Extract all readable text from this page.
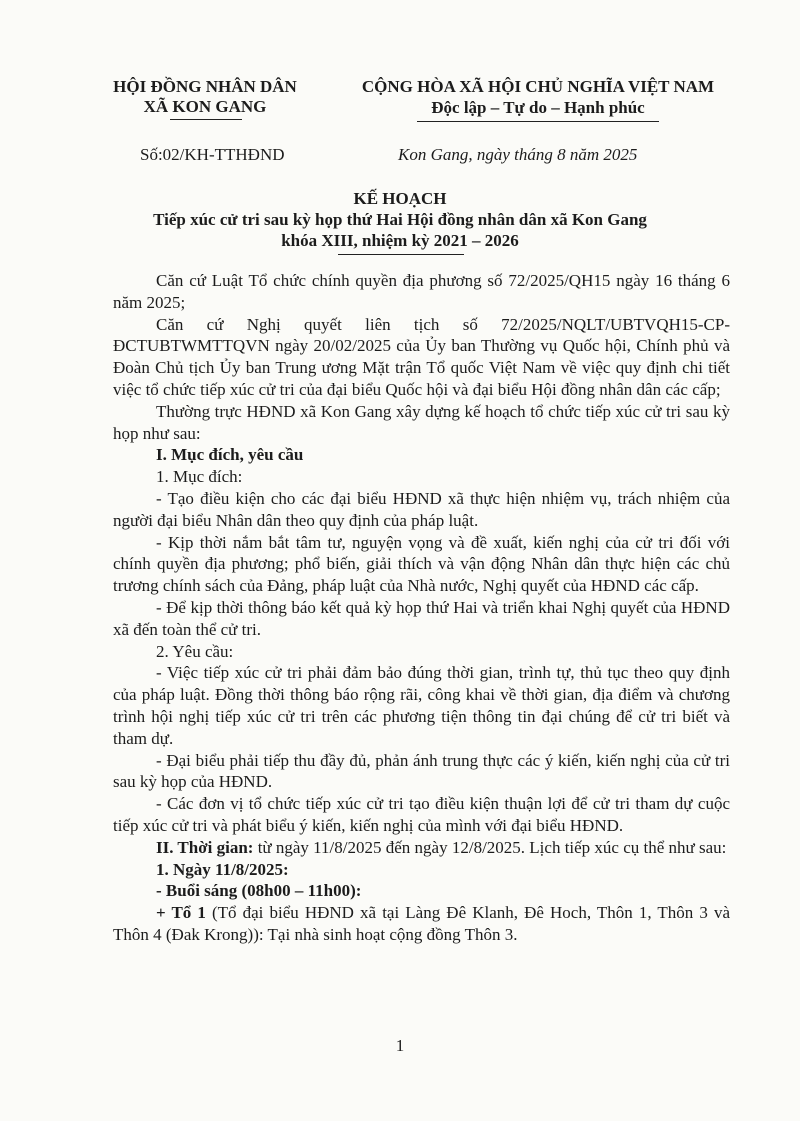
HỘI ĐỒNG NHÂN DÂN
XÃ KON GANG
CỘNG HÒA XÃ HỘI CHỦ NGHĨA VIỆT NAM
Độc lập – Tự do – Hạnh phúc
Số:02/KH-TTHĐND	Kon Gang, ngày tháng 8 năm 2025
KẾ HOẠCH
Tiếp xúc cử tri sau kỳ họp thứ Hai Hội đồng nhân dân xã Kon Gang
khóa XIII, nhiệm kỳ 2021 – 2026

Căn cứ Luật Tổ chức chính quyền địa phương số 72/2025/QH15 ngày 16 tháng 6 năm 2025;

Căn cứ Nghị quyết liên tịch số 72/2025/NQLT/UBTVQH15-CP-ĐCTUBTWMTTQVN ngày 20/02/2025 của Ủy ban Thường vụ Quốc hội, Chính phủ và Đoàn Chủ tịch Ủy ban Trung ương Mặt trận Tổ quốc Việt Nam về việc quy định chi tiết việc tổ chức tiếp xúc cử tri của đại biểu Quốc hội và đại biểu Hội đồng nhân dân các cấp;

Thường trực HĐND xã Kon Gang xây dựng kế hoạch tổ chức tiếp xúc cử tri sau kỳ họp như sau:

I. Mục đích, yêu cầu

1. Mục đích:

- Tạo điều kiện cho các đại biểu HĐND xã thực hiện nhiệm vụ, trách nhiệm của người đại biểu Nhân dân theo quy định của pháp luật.

- Kịp thời nắm bắt tâm tư, nguyện vọng và đề xuất, kiến nghị của cử tri đối với chính quyền địa phương; phổ biến, giải thích và vận động Nhân dân thực hiện các chủ trương chính sách của Đảng, pháp luật của Nhà nước, Nghị quyết của HĐND các cấp.

- Để kịp thời thông báo kết quả kỳ họp thứ Hai và triển khai Nghị quyết của HĐND xã đến toàn thể cử tri.

2. Yêu cầu:

- Việc tiếp xúc cử tri phải đảm bảo đúng thời gian, trình tự, thủ tục theo quy định của pháp luật. Đồng thời thông báo rộng rãi, công khai về thời gian, địa điểm và chương trình hội nghị tiếp xúc cử tri trên các phương tiện thông tin đại chúng để cử tri biết và tham dự.

- Đại biểu phải tiếp thu đầy đủ, phản ánh trung thực các ý kiến, kiến nghị của cử tri sau kỳ họp của HĐND.

- Các đơn vị tổ chức tiếp xúc cử tri tạo điều kiện thuận lợi để cử tri tham dự cuộc tiếp xúc cử tri và phát biểu ý kiến, kiến nghị của mình với đại biểu HĐND.

II. Thời gian: từ ngày 11/8/2025 đến ngày 12/8/2025. Lịch tiếp xúc cụ thể như sau:

1. Ngày 11/8/2025:

- Buổi sáng (08h00 – 11h00):

+ Tổ 1 (Tổ đại biểu HĐND xã tại Làng Đê Klanh, Đê Hoch, Thôn 1, Thôn 3 và Thôn 4 (Đak Krong)): Tại nhà sinh hoạt cộng đồng Thôn 3.

1
